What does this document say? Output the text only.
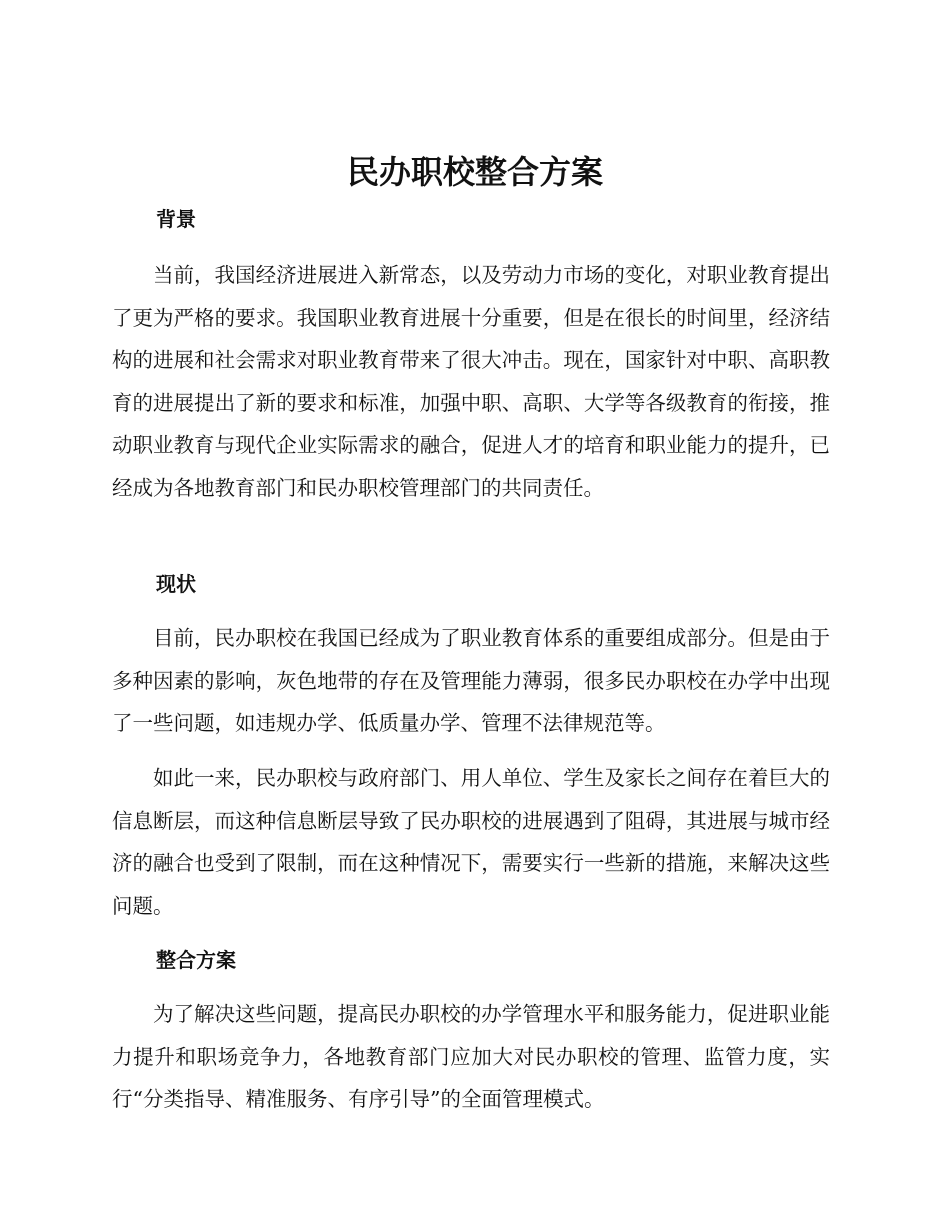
民办职校整合方案
背景

当前，我国经济进展进入新常态，以及劳动力市场的变化，对职业教育提出了更为严格的要求。我国职业教育进展十分重要，但是在很长的时间里，经济结构的进展和社会需求对职业教育带来了很大冲击。现在，国家针对中职、高职教育的进展提出了新的要求和标准，加强中职、高职、大学等各级教育的衔接，推动职业教育与现代企业实际需求的融合，促进人才的培育和职业能力的提升，已经成为各地教育部门和民办职校管理部门的共同责任。

现状

目前，民办职校在我国已经成为了职业教育体系的重要组成部分。但是由于多种因素的影响，灰色地带的存在及管理能力薄弱，很多民办职校在办学中出现了一些问题，如违规办学、低质量办学、管理不法律规范等。

如此一来，民办职校与政府部门、用人单位、学生及家长之间存在着巨大的信息断层，而这种信息断层导致了民办职校的进展遇到了阻碍，其进展与城市经济的融合也受到了限制，而在这种情况下，需要实行一些新的措施，来解决这些问题。

整合方案

为了解决这些问题，提高民办职校的办学管理水平和服务能力，促进职业能力提升和职场竞争力，各地教育部门应加大对民办职校的管理、监管力度，实行“分类指导、精准服务、有序引导”的全面管理模式。
